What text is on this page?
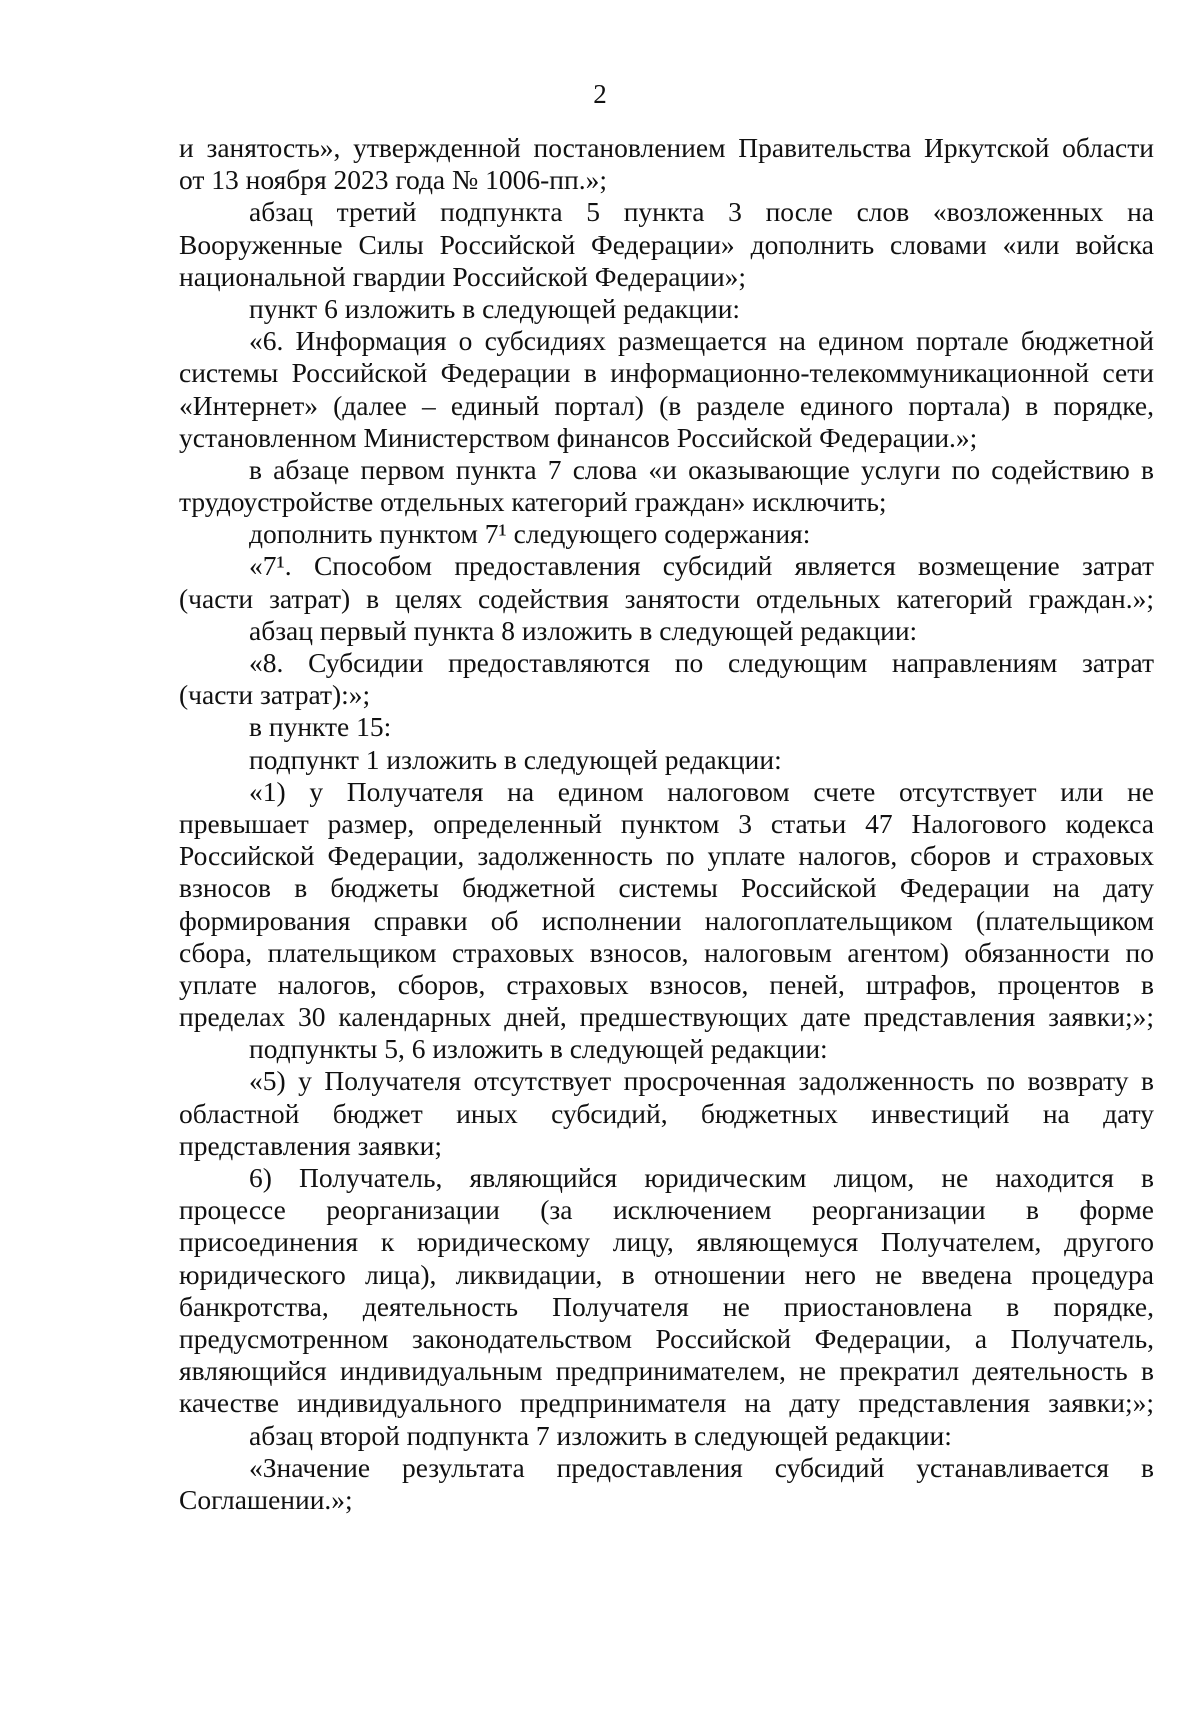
2
и занятость», утвержденной постановлением Правительства Иркутской области
от 13 ноября 2023 года № 1006-пп.»;
абзац третий подпункта 5 пункта 3 после слов «возложенных на
Вооруженные Силы Российской Федерации» дополнить словами «или войска
национальной гвардии Российской Федерации»;
пункт 6 изложить в следующей редакции:
«6. Информация о субсидиях размещается на едином портале бюджетной
системы Российской Федерации в информационно-телекоммуникационной сети
«Интернет» (далее – единый портал) (в разделе единого портала) в порядке,
установленном Министерством финансов Российской Федерации.»;
в абзаце первом пункта 7 слова «и оказывающие услуги по содействию в
трудоустройстве отдельных категорий граждан» исключить;
дополнить пунктом 7¹ следующего содержания:
«7¹. Способом предоставления субсидий является возмещение затрат
(части затрат) в целях содействия занятости отдельных категорий граждан.»;
абзац первый пункта 8 изложить в следующей редакции:
«8. Субсидии предоставляются по следующим направлениям затрат
(части затрат):»;
в пункте 15:
подпункт 1 изложить в следующей редакции:
«1) у Получателя на едином налоговом счете отсутствует или не
превышает размер, определенный пунктом 3 статьи 47 Налогового кодекса
Российской Федерации, задолженность по уплате налогов, сборов и страховых
взносов в бюджеты бюджетной системы Российской Федерации на дату
формирования справки об исполнении налогоплательщиком (плательщиком
сбора, плательщиком страховых взносов, налоговым агентом) обязанности по
уплате налогов, сборов, страховых взносов, пеней, штрафов, процентов в
пределах 30 календарных дней, предшествующих дате представления заявки;»;
подпункты 5, 6 изложить в следующей редакции:
«5) у Получателя отсутствует просроченная задолженность по возврату в
областной бюджет иных субсидий, бюджетных инвестиций на дату
представления заявки;
6) Получатель, являющийся юридическим лицом, не находится в
процессе реорганизации (за исключением реорганизации в форме
присоединения к юридическому лицу, являющемуся Получателем, другого
юридического лица), ликвидации, в отношении него не введена процедура
банкротства, деятельность Получателя не приостановлена в порядке,
предусмотренном законодательством Российской Федерации, а Получатель,
являющийся индивидуальным предпринимателем, не прекратил деятельность в
качестве индивидуального предпринимателя на дату представления заявки;»;
абзац второй подпункта 7 изложить в следующей редакции:
«Значение результата предоставления субсидий устанавливается в
Соглашении.»;
